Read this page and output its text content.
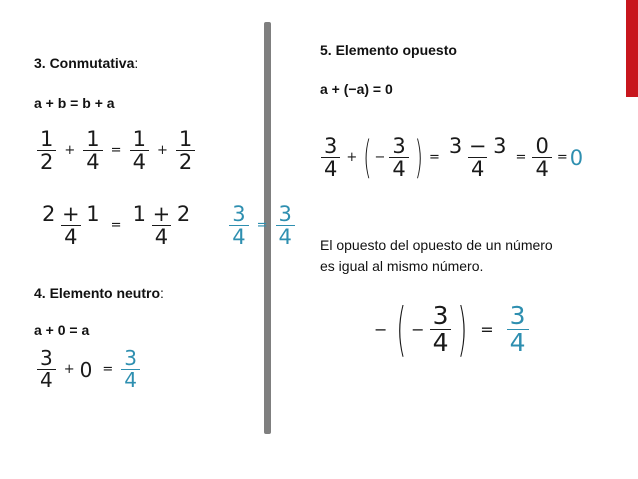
3. Conmutativa:
a + b = b + a
$\frac{1}{2} + \frac{1}{4} = \frac{1}{4} + \frac{1}{2}$
$\frac{2 + 1}{4} = \frac{1 + 2}{4} \frac{3}{4} = \frac{3}{4}$
4. Elemento neutro:
a + 0 = a
$\frac{3}{4} + 0 = \frac{3}{4}$
5. Elemento opuesto
a + (−a) = 0
$\frac{3}{4}$ + ( − $\frac{3}{4}$ ) = $\frac{3 - 3}{4} = \frac{0}{4} = 0$
El opuesto del opuesto de un número
es igual al mismo número.
− ( − $\frac{3}{4}$ ) = $\frac{3}{4}$
